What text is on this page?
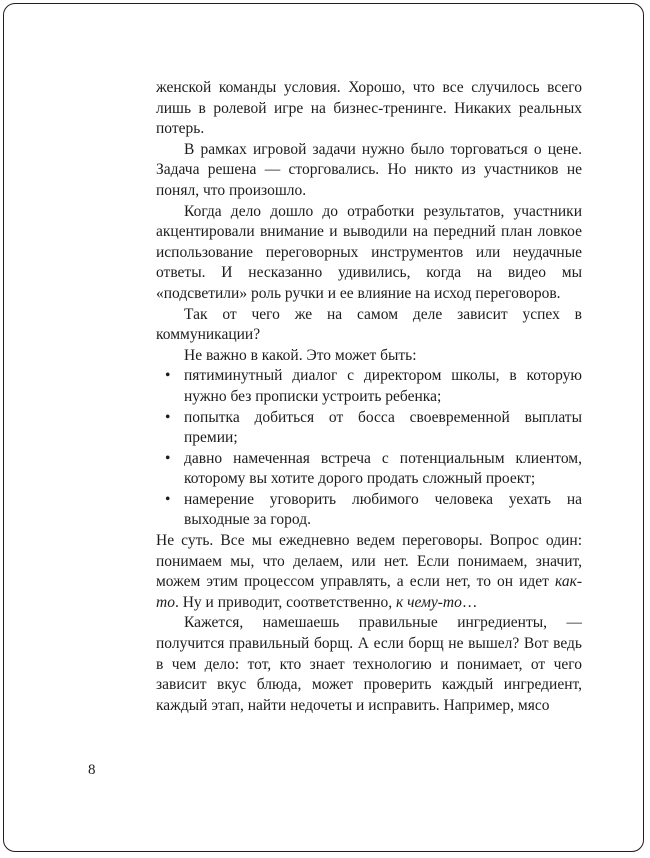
женской команды условия. Хорошо, что все случилось всего лишь в ролевой игре на бизнес-тренинге. Никаких реальных потерь.

В рамках игровой задачи нужно было торговаться о цене. Задача решена — сторговались. Но никто из участников не понял, что произошло.

Когда дело дошло до отработки результатов, участники акцентировали внимание и выводили на передний план ловкое использование переговорных инструментов или неудачные ответы. И несказанно удивились, когда на видео мы «подсветили» роль ручки и ее влияние на исход переговоров.

Так от чего же на самом деле зависит успех в коммуникации?

Не важно в какой. Это может быть:

• пятиминутный диалог с директором школы, в которую нужно без прописки устроить ребенка;
• попытка добиться от босса своевременной выплаты премии;
• давно намеченная встреча с потенциальным клиентом, которому вы хотите дорого продать сложный проект;
• намерение уговорить любимого человека уехать на выходные за город.

Не суть. Все мы ежедневно ведем переговоры. Вопрос один: понимаем мы, что делаем, или нет. Если понимаем, значит, можем этим процессом управлять, а если нет, то он идет как-то. Ну и приводит, соответственно, к чему-то…

Кажется, намешаешь правильные ингредиенты, — получится правильный борщ. А если борщ не вышел? Вот ведь в чем дело: тот, кто знает технологию и понимает, от чего зависит вкус блюда, может проверить каждый ингредиент, каждый этап, найти недочеты и исправить. Например, мясо

8
